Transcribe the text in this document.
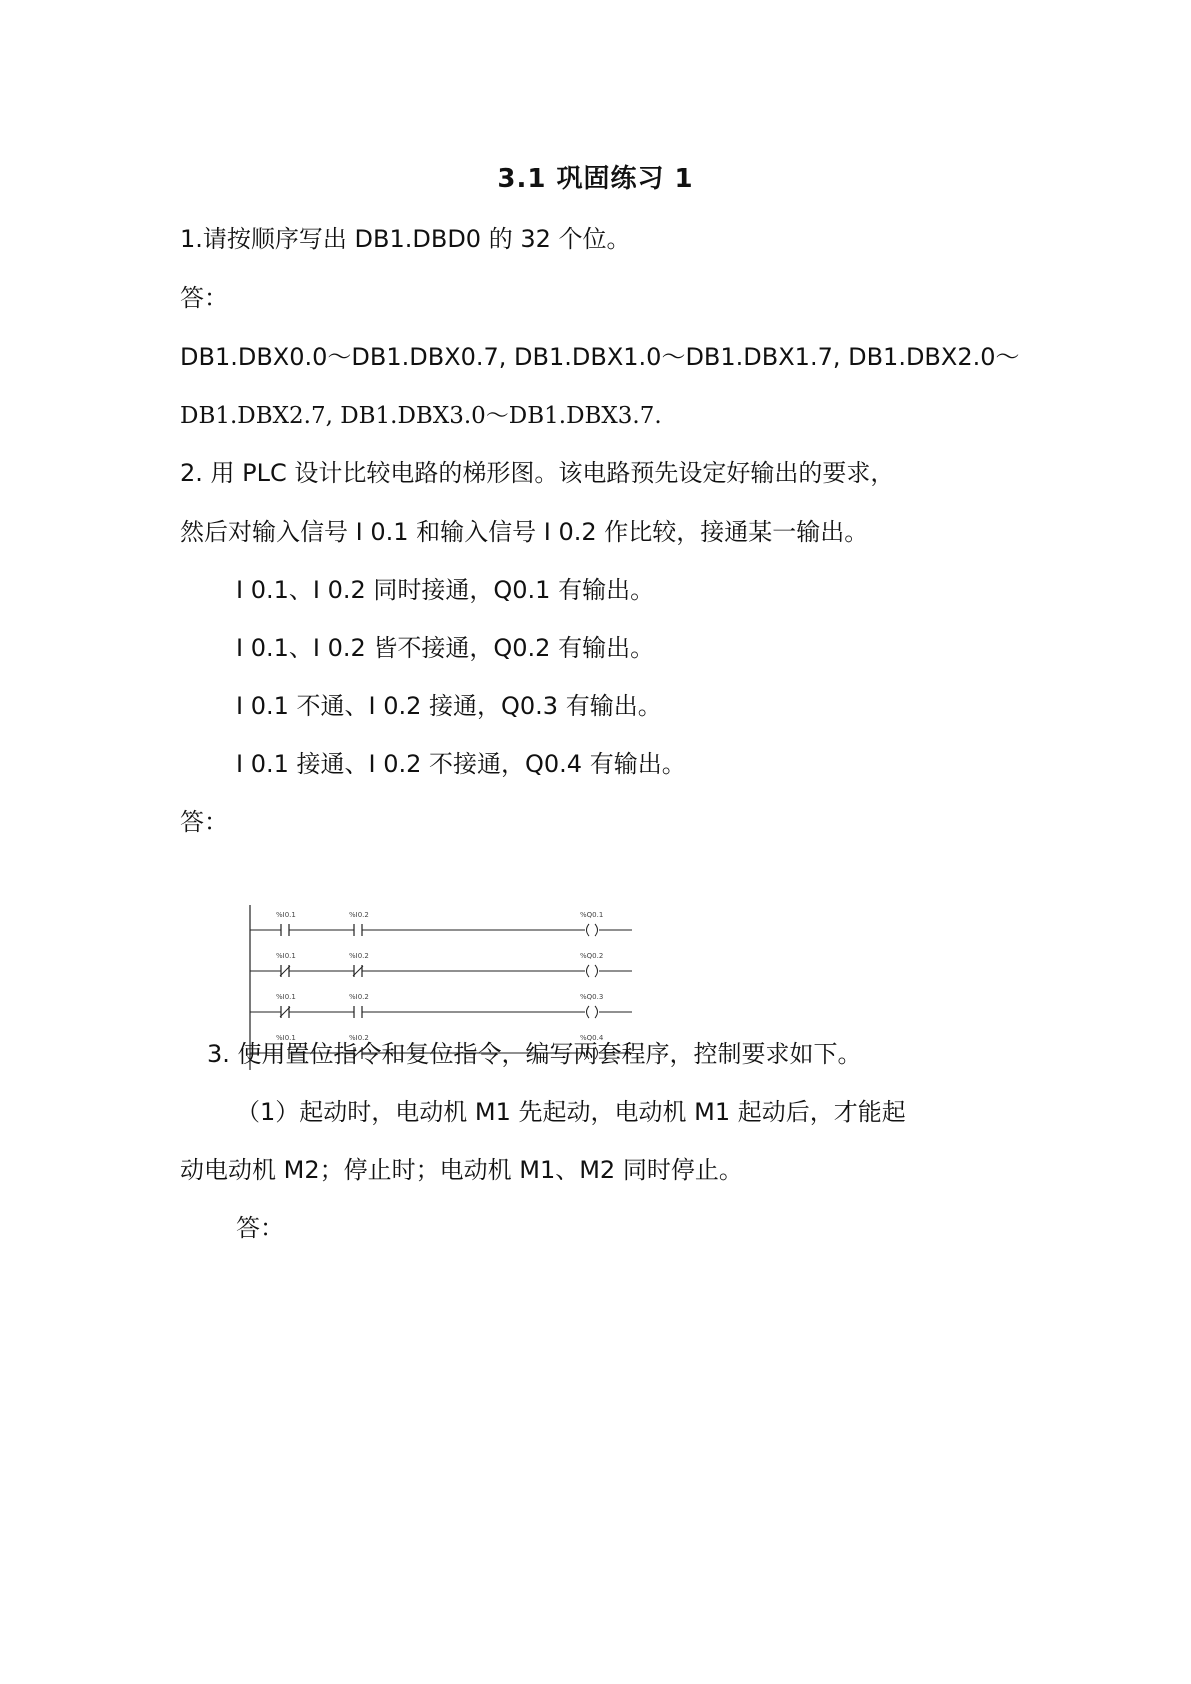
3.1 巩固练习 1
1.请按顺序写出 DB1.DBD0 的 32 个位。
答：
DB1.DBX0.0～DB1.DBX0.7, DB1.DBX1.0～DB1.DBX1.7, DB1.DBX2.0～
DB1.DBX2.7, DB1.DBX3.0～DB1.DBX3.7.
2. 用 PLC 设计比较电路的梯形图。该电路预先设定好输出的要求，
然后对输入信号 I 0.1 和输入信号 I 0.2 作比较，接通某一输出。
I 0.1、I 0.2 同时接通，Q0.1 有输出。
I 0.1、I 0.2 皆不接通，Q0.2 有输出。
I 0.1 不通、I 0.2 接通，Q0.3 有输出。
I 0.1 接通、I 0.2 不接通，Q0.4 有输出。
答：
%I0.1	%I0.2	%Q0.1
%I0.1	%I0.2	%Q0.2
%I0.1	%I0.2	%Q0.3
%I0.1	%I0.2	%Q0.4
3. 使用置位指令和复位指令，编写两套程序，控制要求如下。
（1）起动时，电动机 M1 先起动，电动机 M1 起动后，才能起
动电动机 M2；停止时；电动机 M1、M2 同时停止。
答：
